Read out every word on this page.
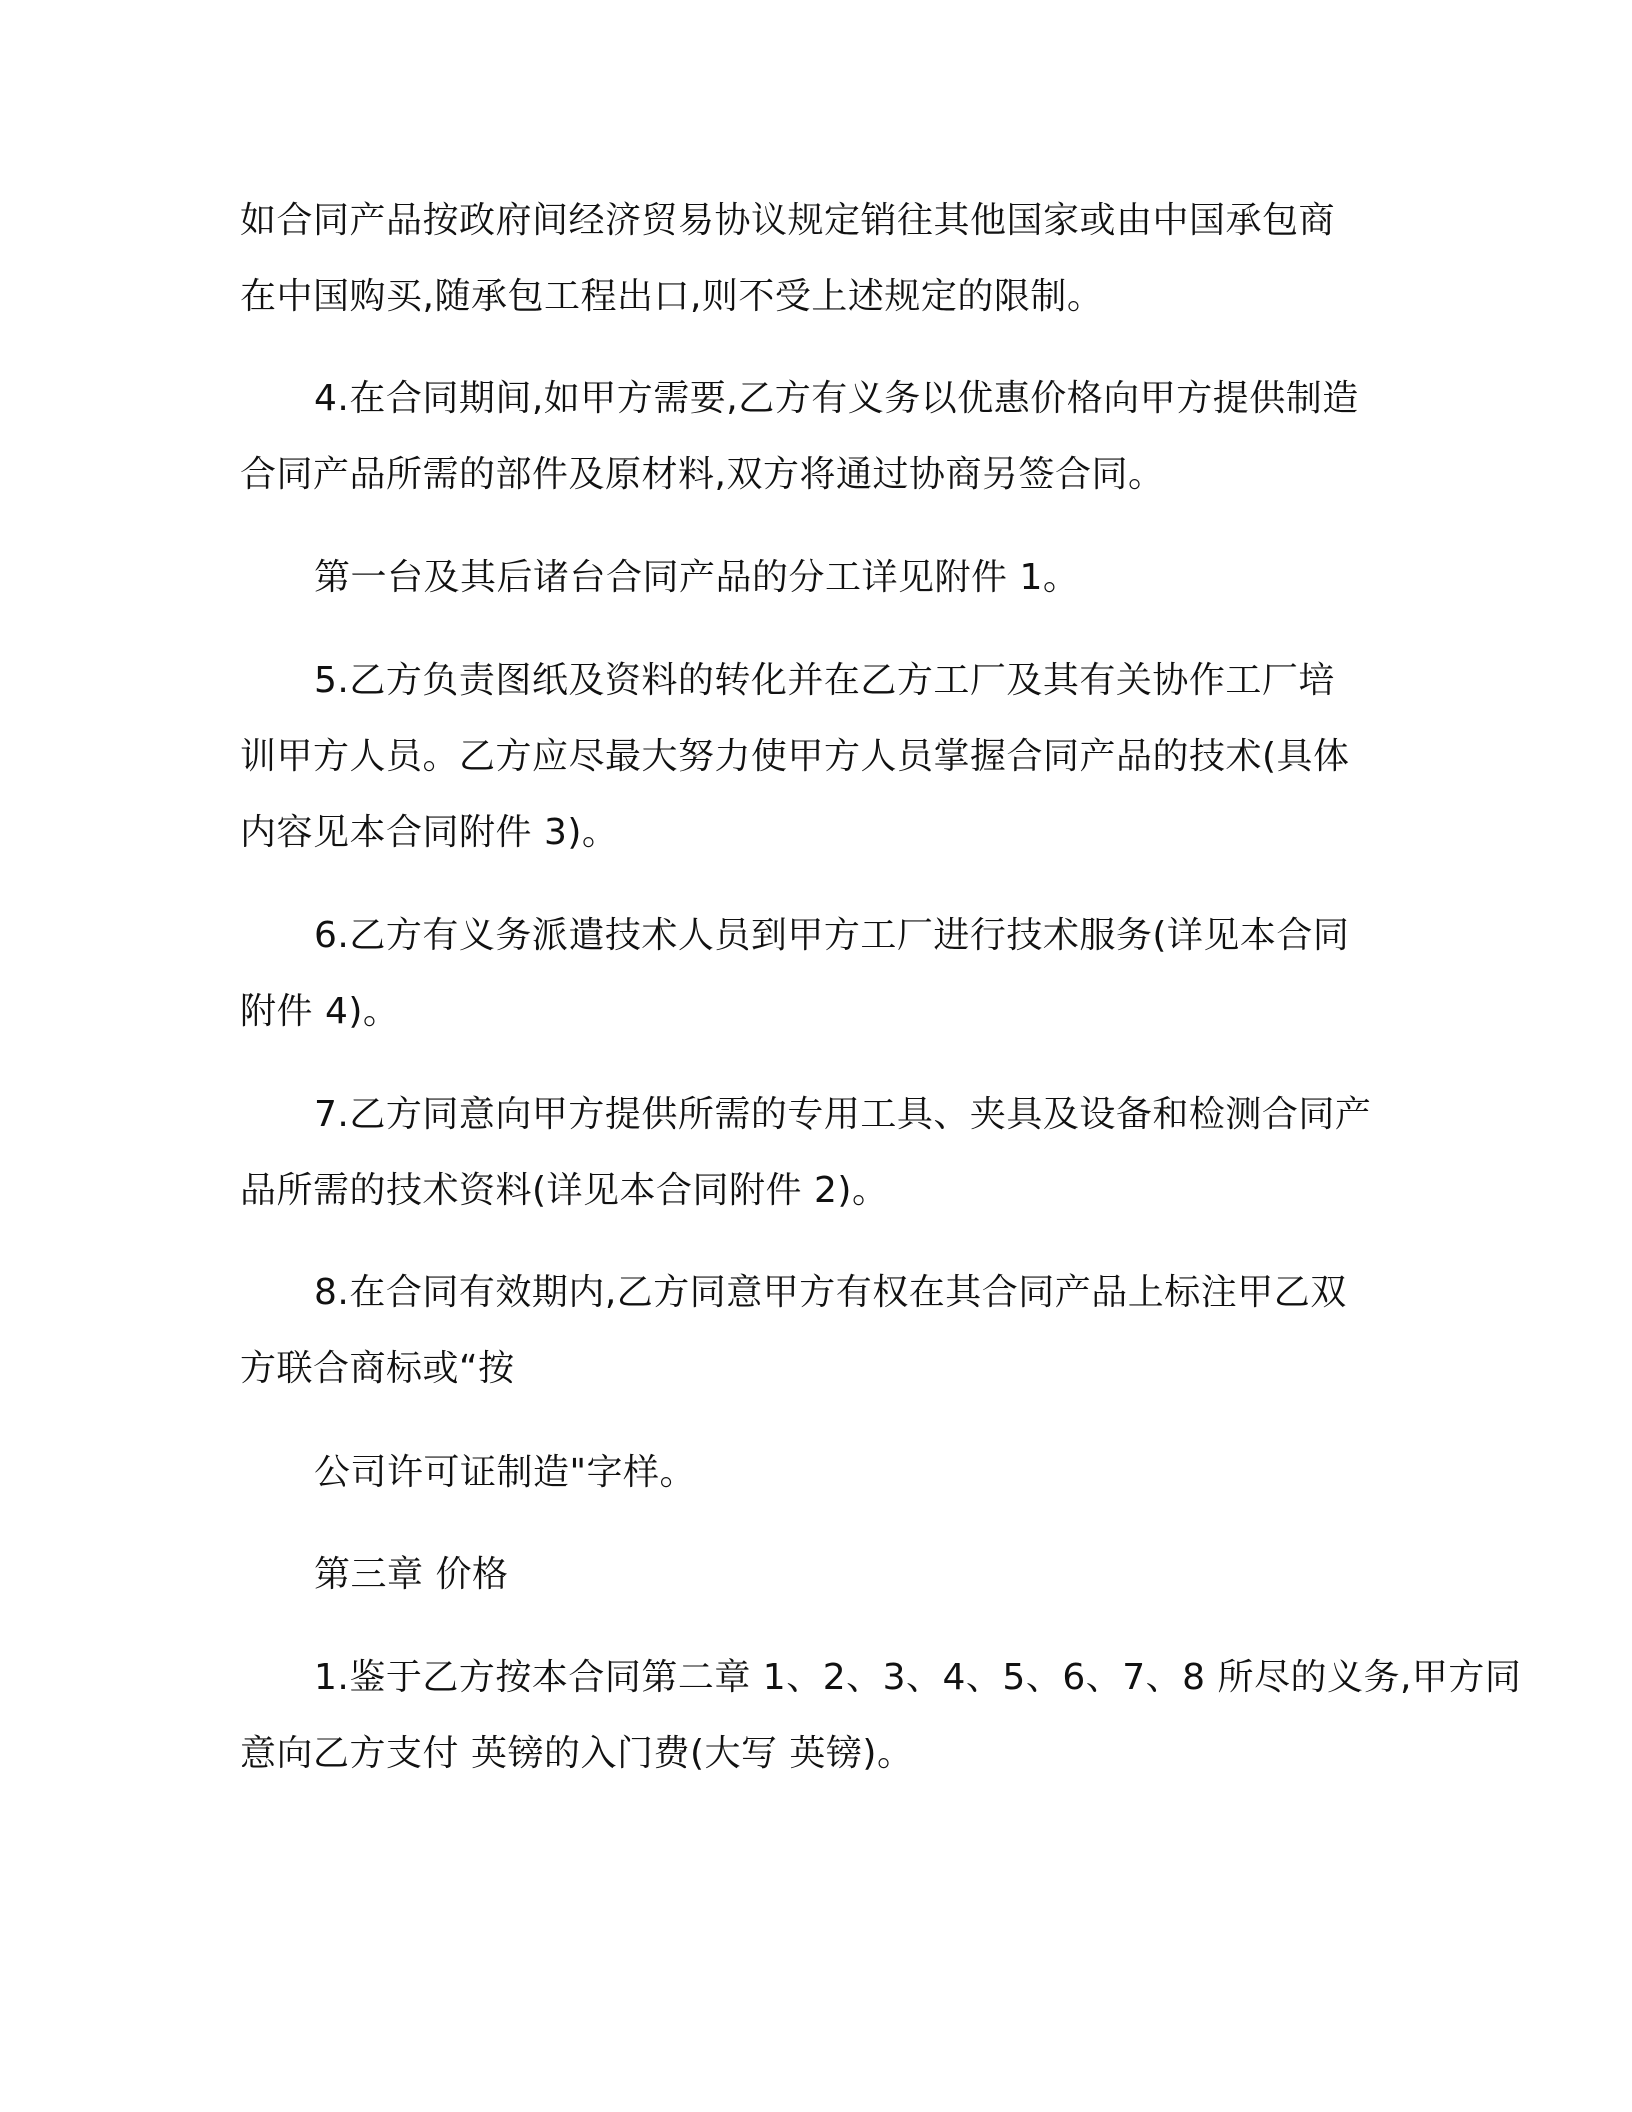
如合同产品按政府间经济贸易协议规定销往其他国家或由中国承包商
在中国购买,随承包工程出口,则不受上述规定的限制。
4.在合同期间,如甲方需要,乙方有义务以优惠价格向甲方提供制造
合同产品所需的部件及原材料,双方将通过协商另签合同。
第一台及其后诸台合同产品的分工详见附件 1。
5.乙方负责图纸及资料的转化并在乙方工厂及其有关协作工厂培
训甲方人员。乙方应尽最大努力使甲方人员掌握合同产品的技术(具体
内容见本合同附件 3)。
6.乙方有义务派遣技术人员到甲方工厂进行技术服务(详见本合同
附件 4)。
7.乙方同意向甲方提供所需的专用工具、夹具及设备和检测合同产
品所需的技术资料(详见本合同附件 2)。
8.在合同有效期内,乙方同意甲方有权在其合同产品上标注甲乙双
方联合商标或“按
公司许可证制造"字样。
第三章 价格
1.鉴于乙方按本合同第二章 1、2、3、4、5、6、7、8 所尽的义务,甲方同
意向乙方支付 英镑的入门费(大写 英镑)。
